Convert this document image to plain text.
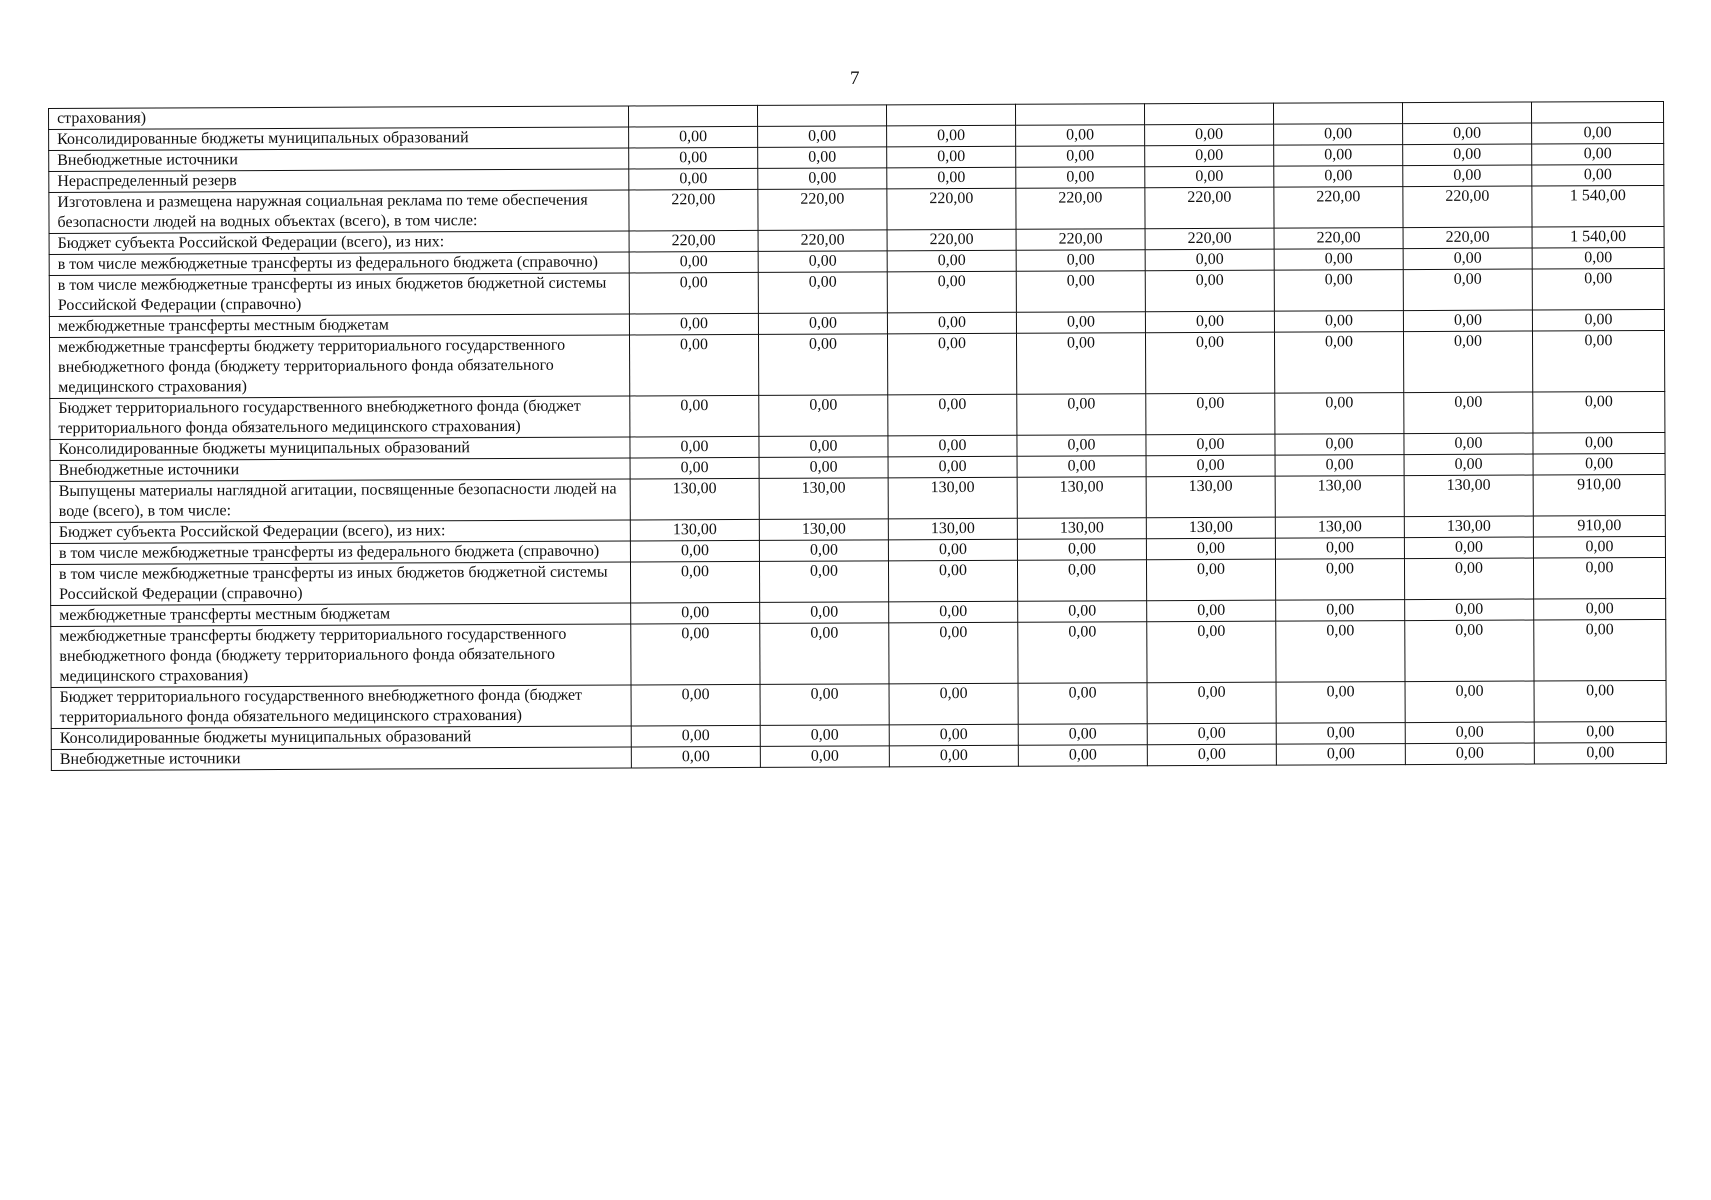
7
страхования)								
Консолидированные бюджеты муниципальных образований	0,00	0,00	0,00	0,00	0,00	0,00	0,00	0,00
Внебюджетные источники	0,00	0,00	0,00	0,00	0,00	0,00	0,00	0,00
Нераспределенный резерв	0,00	0,00	0,00	0,00	0,00	0,00	0,00	0,00
Изготовлена и размещена наружная социальная реклама по теме обеспечения безопасности людей на водных объектах (всего), в том числе:	220,00	220,00	220,00	220,00	220,00	220,00	220,00	1 540,00
Бюджет субъекта Российской Федерации (всего), из них:	220,00	220,00	220,00	220,00	220,00	220,00	220,00	1 540,00
в том числе межбюджетные трансферты из федерального бюджета (справочно)	0,00	0,00	0,00	0,00	0,00	0,00	0,00	0,00
в том числе межбюджетные трансферты из иных бюджетов бюджетной системы Российской Федерации (справочно)	0,00	0,00	0,00	0,00	0,00	0,00	0,00	0,00
межбюджетные трансферты местным бюджетам	0,00	0,00	0,00	0,00	0,00	0,00	0,00	0,00
межбюджетные трансферты бюджету территориального государственного внебюджетного фонда (бюджету территориального фонда обязательного медицинского страхования)	0,00	0,00	0,00	0,00	0,00	0,00	0,00	0,00
Бюджет территориального государственного внебюджетного фонда (бюджет территориального фонда обязательного медицинского страхования)	0,00	0,00	0,00	0,00	0,00	0,00	0,00	0,00
Консолидированные бюджеты муниципальных образований	0,00	0,00	0,00	0,00	0,00	0,00	0,00	0,00
Внебюджетные источники	0,00	0,00	0,00	0,00	0,00	0,00	0,00	0,00
Выпущены материалы наглядной агитации, посвященные безопасности людей на воде (всего), в том числе:	130,00	130,00	130,00	130,00	130,00	130,00	130,00	910,00
Бюджет субъекта Российской Федерации (всего), из них:	130,00	130,00	130,00	130,00	130,00	130,00	130,00	910,00
в том числе межбюджетные трансферты из федерального бюджета (справочно)	0,00	0,00	0,00	0,00	0,00	0,00	0,00	0,00
в том числе межбюджетные трансферты из иных бюджетов бюджетной системы Российской Федерации (справочно)	0,00	0,00	0,00	0,00	0,00	0,00	0,00	0,00
межбюджетные трансферты местным бюджетам	0,00	0,00	0,00	0,00	0,00	0,00	0,00	0,00
межбюджетные трансферты бюджету территориального государственного внебюджетного фонда (бюджету территориального фонда обязательного медицинского страхования)	0,00	0,00	0,00	0,00	0,00	0,00	0,00	0,00
Бюджет территориального государственного внебюджетного фонда (бюджет территориального фонда обязательного медицинского страхования)	0,00	0,00	0,00	0,00	0,00	0,00	0,00	0,00
Консолидированные бюджеты муниципальных образований	0,00	0,00	0,00	0,00	0,00	0,00	0,00	0,00
Внебюджетные источники	0,00	0,00	0,00	0,00	0,00	0,00	0,00	0,00
